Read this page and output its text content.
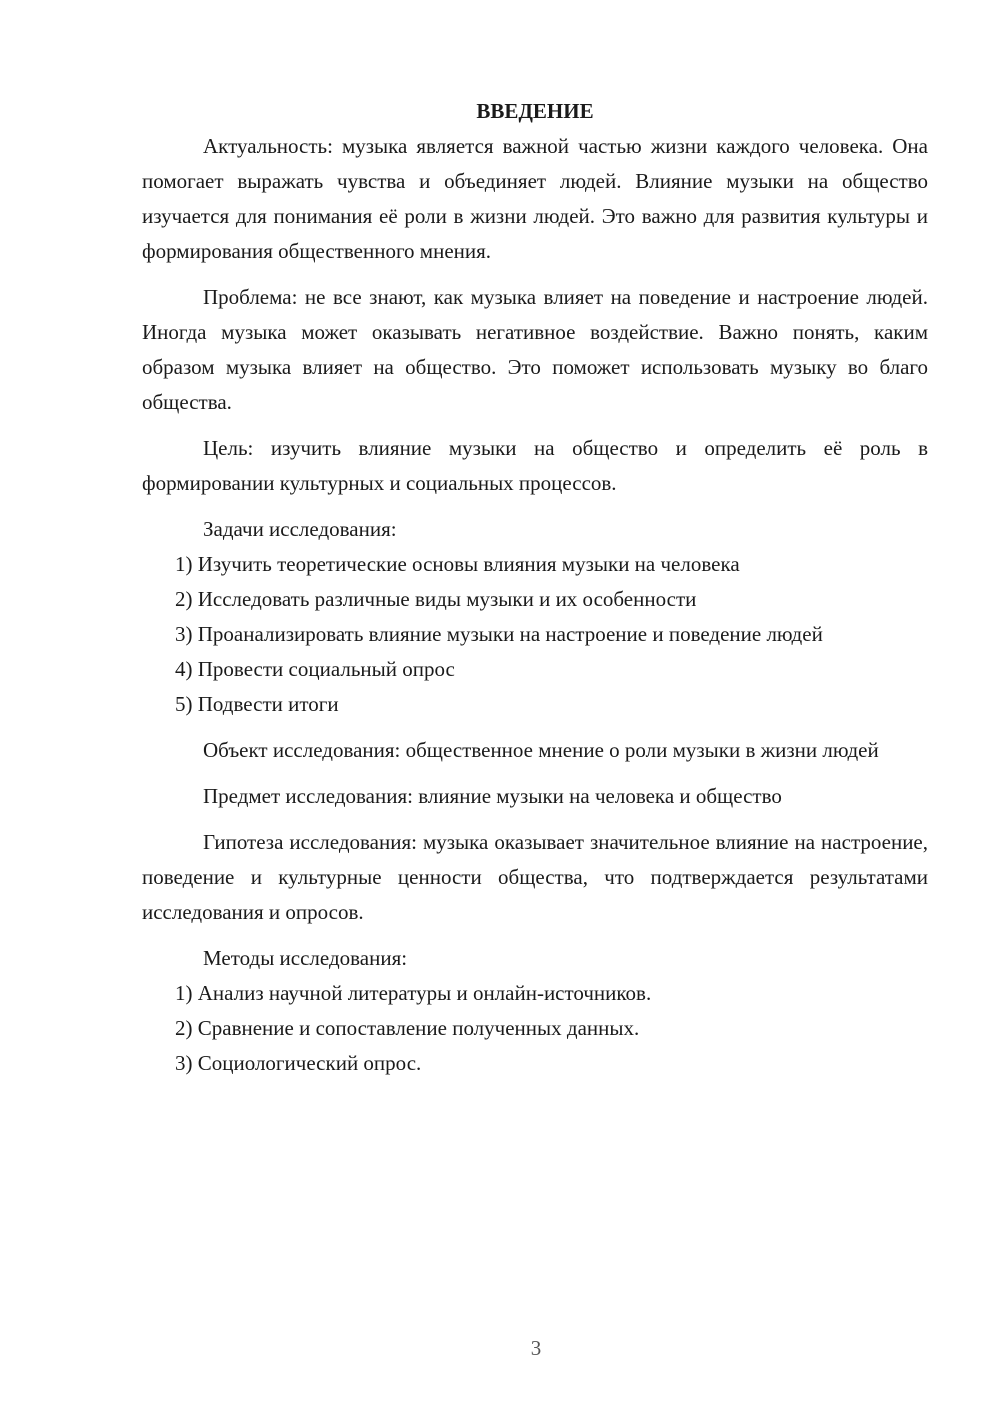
ВВЕДЕНИЕ

Актуальность: музыка является важной частью жизни каждого человека. Она помогает выражать чувства и объединяет людей. Влияние музыки на общество изучается для понимания её роли в жизни людей. Это важно для развития культуры и формирования общественного мнения.

Проблема: не все знают, как музыка влияет на поведение и настроение людей. Иногда музыка может оказывать негативное воздействие. Важно понять, каким образом музыка влияет на общество. Это поможет использовать музыку во благо общества.

Цель: изучить влияние музыки на общество и определить её роль в формировании культурных и социальных процессов.

Задачи исследования:

1) Изучить теоретические основы влияния музыки на человека

2) Исследовать различные виды музыки и их особенности

3) Проанализировать влияние музыки на настроение и поведение людей

4) Провести социальный опрос

5) Подвести итоги

Объект исследования: общественное мнение о роли музыки в жизни людей

Предмет исследования: влияние музыки на человека и общество

Гипотеза исследования: музыка оказывает значительное влияние на настроение, поведение и культурные ценности общества, что подтверждается результатами исследования и опросов.

Методы исследования:

1) Анализ научной литературы и онлайн-источников.

2) Сравнение и сопоставление полученных данных.

3) Социологический опрос.

3
